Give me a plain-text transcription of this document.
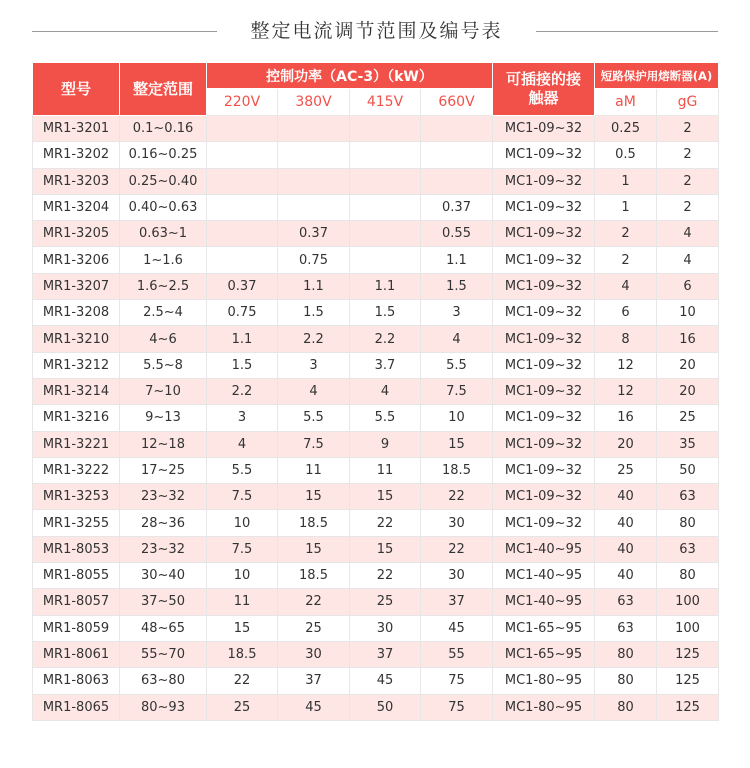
整定电流调节范围及编号表
型号	整定范围	控制功率（AC-3）（kW）				可插接的接
触器	短路保护用熔断器(A)	
		220V	380V	415V	660V		aM	gG
MR1-3201	0.1~0.16					MC1-09~32	0.25	2
MR1-3202	0.16~0.25					MC1-09~32	0.5	2
MR1-3203	0.25~0.40					MC1-09~32	1	2
MR1-3204	0.40~0.63				0.37	MC1-09~32	1	2
MR1-3205	0.63~1		0.37		0.55	MC1-09~32	2	4
MR1-3206	1~1.6		0.75		1.1	MC1-09~32	2	4
MR1-3207	1.6~2.5	0.37	1.1	1.1	1.5	MC1-09~32	4	6
MR1-3208	2.5~4	0.75	1.5	1.5	3	MC1-09~32	6	10
MR1-3210	4~6	1.1	2.2	2.2	4	MC1-09~32	8	16
MR1-3212	5.5~8	1.5	3	3.7	5.5	MC1-09~32	12	20
MR1-3214	7~10	2.2	4	4	7.5	MC1-09~32	12	20
MR1-3216	9~13	3	5.5	5.5	10	MC1-09~32	16	25
MR1-3221	12~18	4	7.5	9	15	MC1-09~32	20	35
MR1-3222	17~25	5.5	11	11	18.5	MC1-09~32	25	50
MR1-3253	23~32	7.5	15	15	22	MC1-09~32	40	63
MR1-3255	28~36	10	18.5	22	30	MC1-09~32	40	80
MR1-8053	23~32	7.5	15	15	22	MC1-40~95	40	63
MR1-8055	30~40	10	18.5	22	30	MC1-40~95	40	80
MR1-8057	37~50	11	22	25	37	MC1-40~95	63	100
MR1-8059	48~65	15	25	30	45	MC1-65~95	63	100
MR1-8061	55~70	18.5	30	37	55	MC1-65~95	80	125
MR1-8063	63~80	22	37	45	75	MC1-80~95	80	125
MR1-8065	80~93	25	45	50	75	MC1-80~95	80	125
